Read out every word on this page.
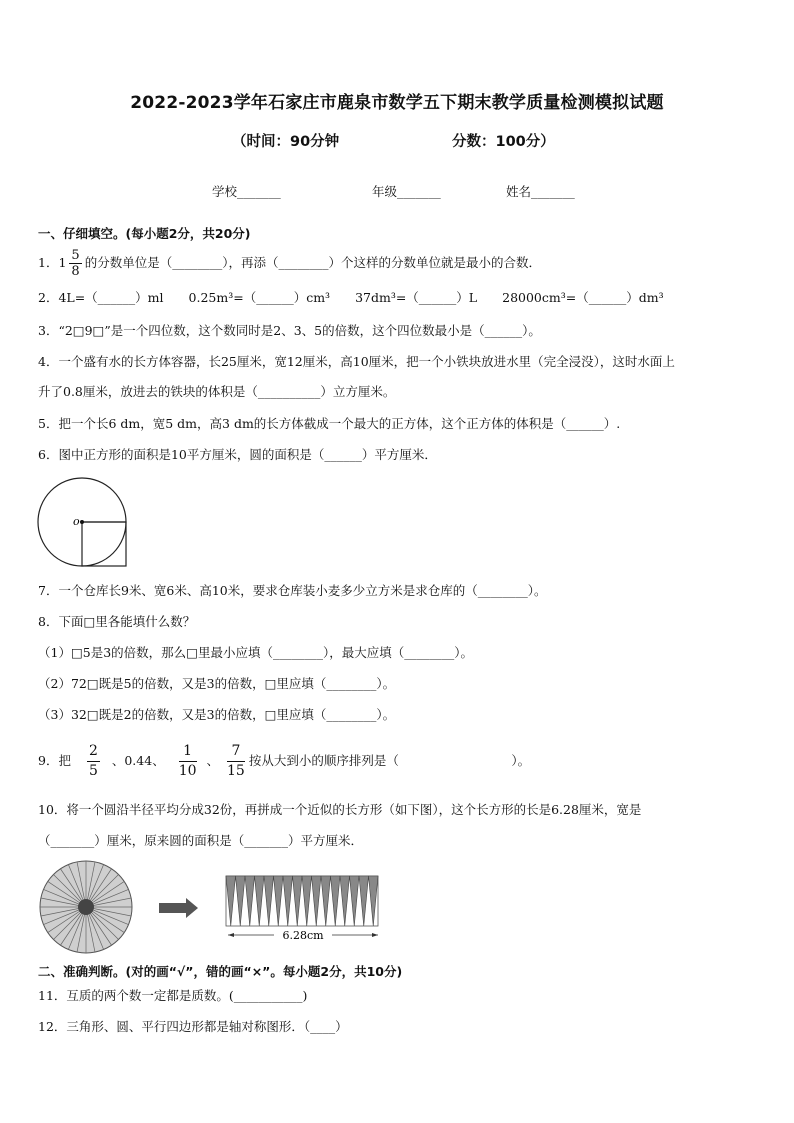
2022-2023学年石家庄市鹿泉市数学五下期末教学质量检测模拟试题
（时间：90分钟	分数：100分）
学校_______	年级_______	姓名_______
一、仔细填空。(每小题2分，共20分)
1．$1 \frac{5}{8}$ 的分数单位是（________），再添（________）个这样的分数单位就是最小的合数．
2．4L=（______）ml　　0.25m³=（______）cm³　　37dm³=（______）L　　28000cm³=（______）dm³
3．“2□9□”是一个四位数，这个数同时是2、3、5的倍数，这个四位数最小是（______）。
4．一个盛有水的长方体容器，长25厘米，宽12厘米，高10厘米，把一个小铁块放进水里（完全浸没），这时水面上
升了0.8厘米，放进去的铁块的体积是（__________）立方厘米。
5．把一个长6 dm，宽5 dm，高3 dm的长方体截成一个最大的正方体，这个正方体的体积是（______）.
6．图中正方形的面积是10平方厘米，圆的面积是（______）平方厘米．
o
7．一个仓库长9米、宽6米、高10米，要求仓库装小麦多少立方米是求仓库的（________）。
8．下面□里各能填什么数？
（1）□5是3的倍数，那么□里最小应填（________），最大应填（________）。
（2）72□既是5的倍数，又是3的倍数，□里应填（________）。
（3）32□既是2的倍数，又是3的倍数，□里应填（________）。
9．把 $\frac{2}{5}$ 、0.44、 $\frac{1}{10}$ 、 $\frac{7}{15}$ 按从大到小的顺序排列是（　　　　　　　　　）。
10．将一个圆沿半径平均分成32份，再拼成一个近似的长方形（如下图），这个长方形的长是6.28厘米，宽是
（_______）厘米，原来圆的面积是（_______）平方厘米．
6.28cm
二、准确判断。(对的画“√”，错的画“×”。每小题2分，共10分)
11．互质的两个数一定都是质数。(___________)
12．三角形、圆、平行四边形都是轴对称图形．（____）
